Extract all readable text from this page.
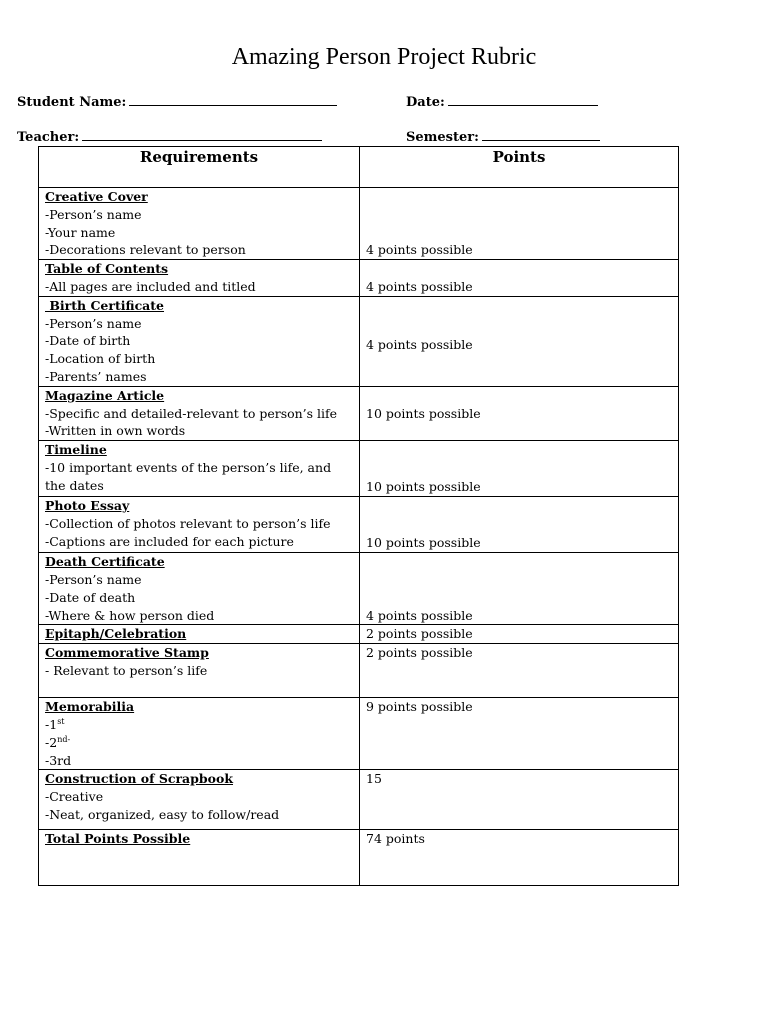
Amazing Person Project Rubric
Student Name:	Date:
Teacher:	Semester:
Requirements	Points

Creative Cover
-Person’s name
-Your name
-Decorations relevant to person	4 points possible

Table of Contents
-All pages are included and titled	4 points possible

Birth Certificate
-Person’s name
-Date of birth
-Location of birth
-Parents’ names	4 points possible

Magazine Article
-Specific and detailed-relevant to person’s life
-Written in own words	10 points possible

Timeline
-10 important events of the person’s life, and the dates	10 points possible

Photo Essay
-Collection of photos relevant to person’s life
-Captions are included for each picture	10 points possible

Death Certificate
-Person’s name
-Date of death
-Where & how person died	4 points possible

Epitaph/Celebration	2 points possible

Commemorative Stamp
- Relevant to person’s life	2 points possible

Memorabilia
-1st
$-2^{nd-}$
-3rd	9 points possible

Construction of Scrapbook
-Creative
-Neat, organized, easy to follow/read	15

Total Points Possible	74 points
